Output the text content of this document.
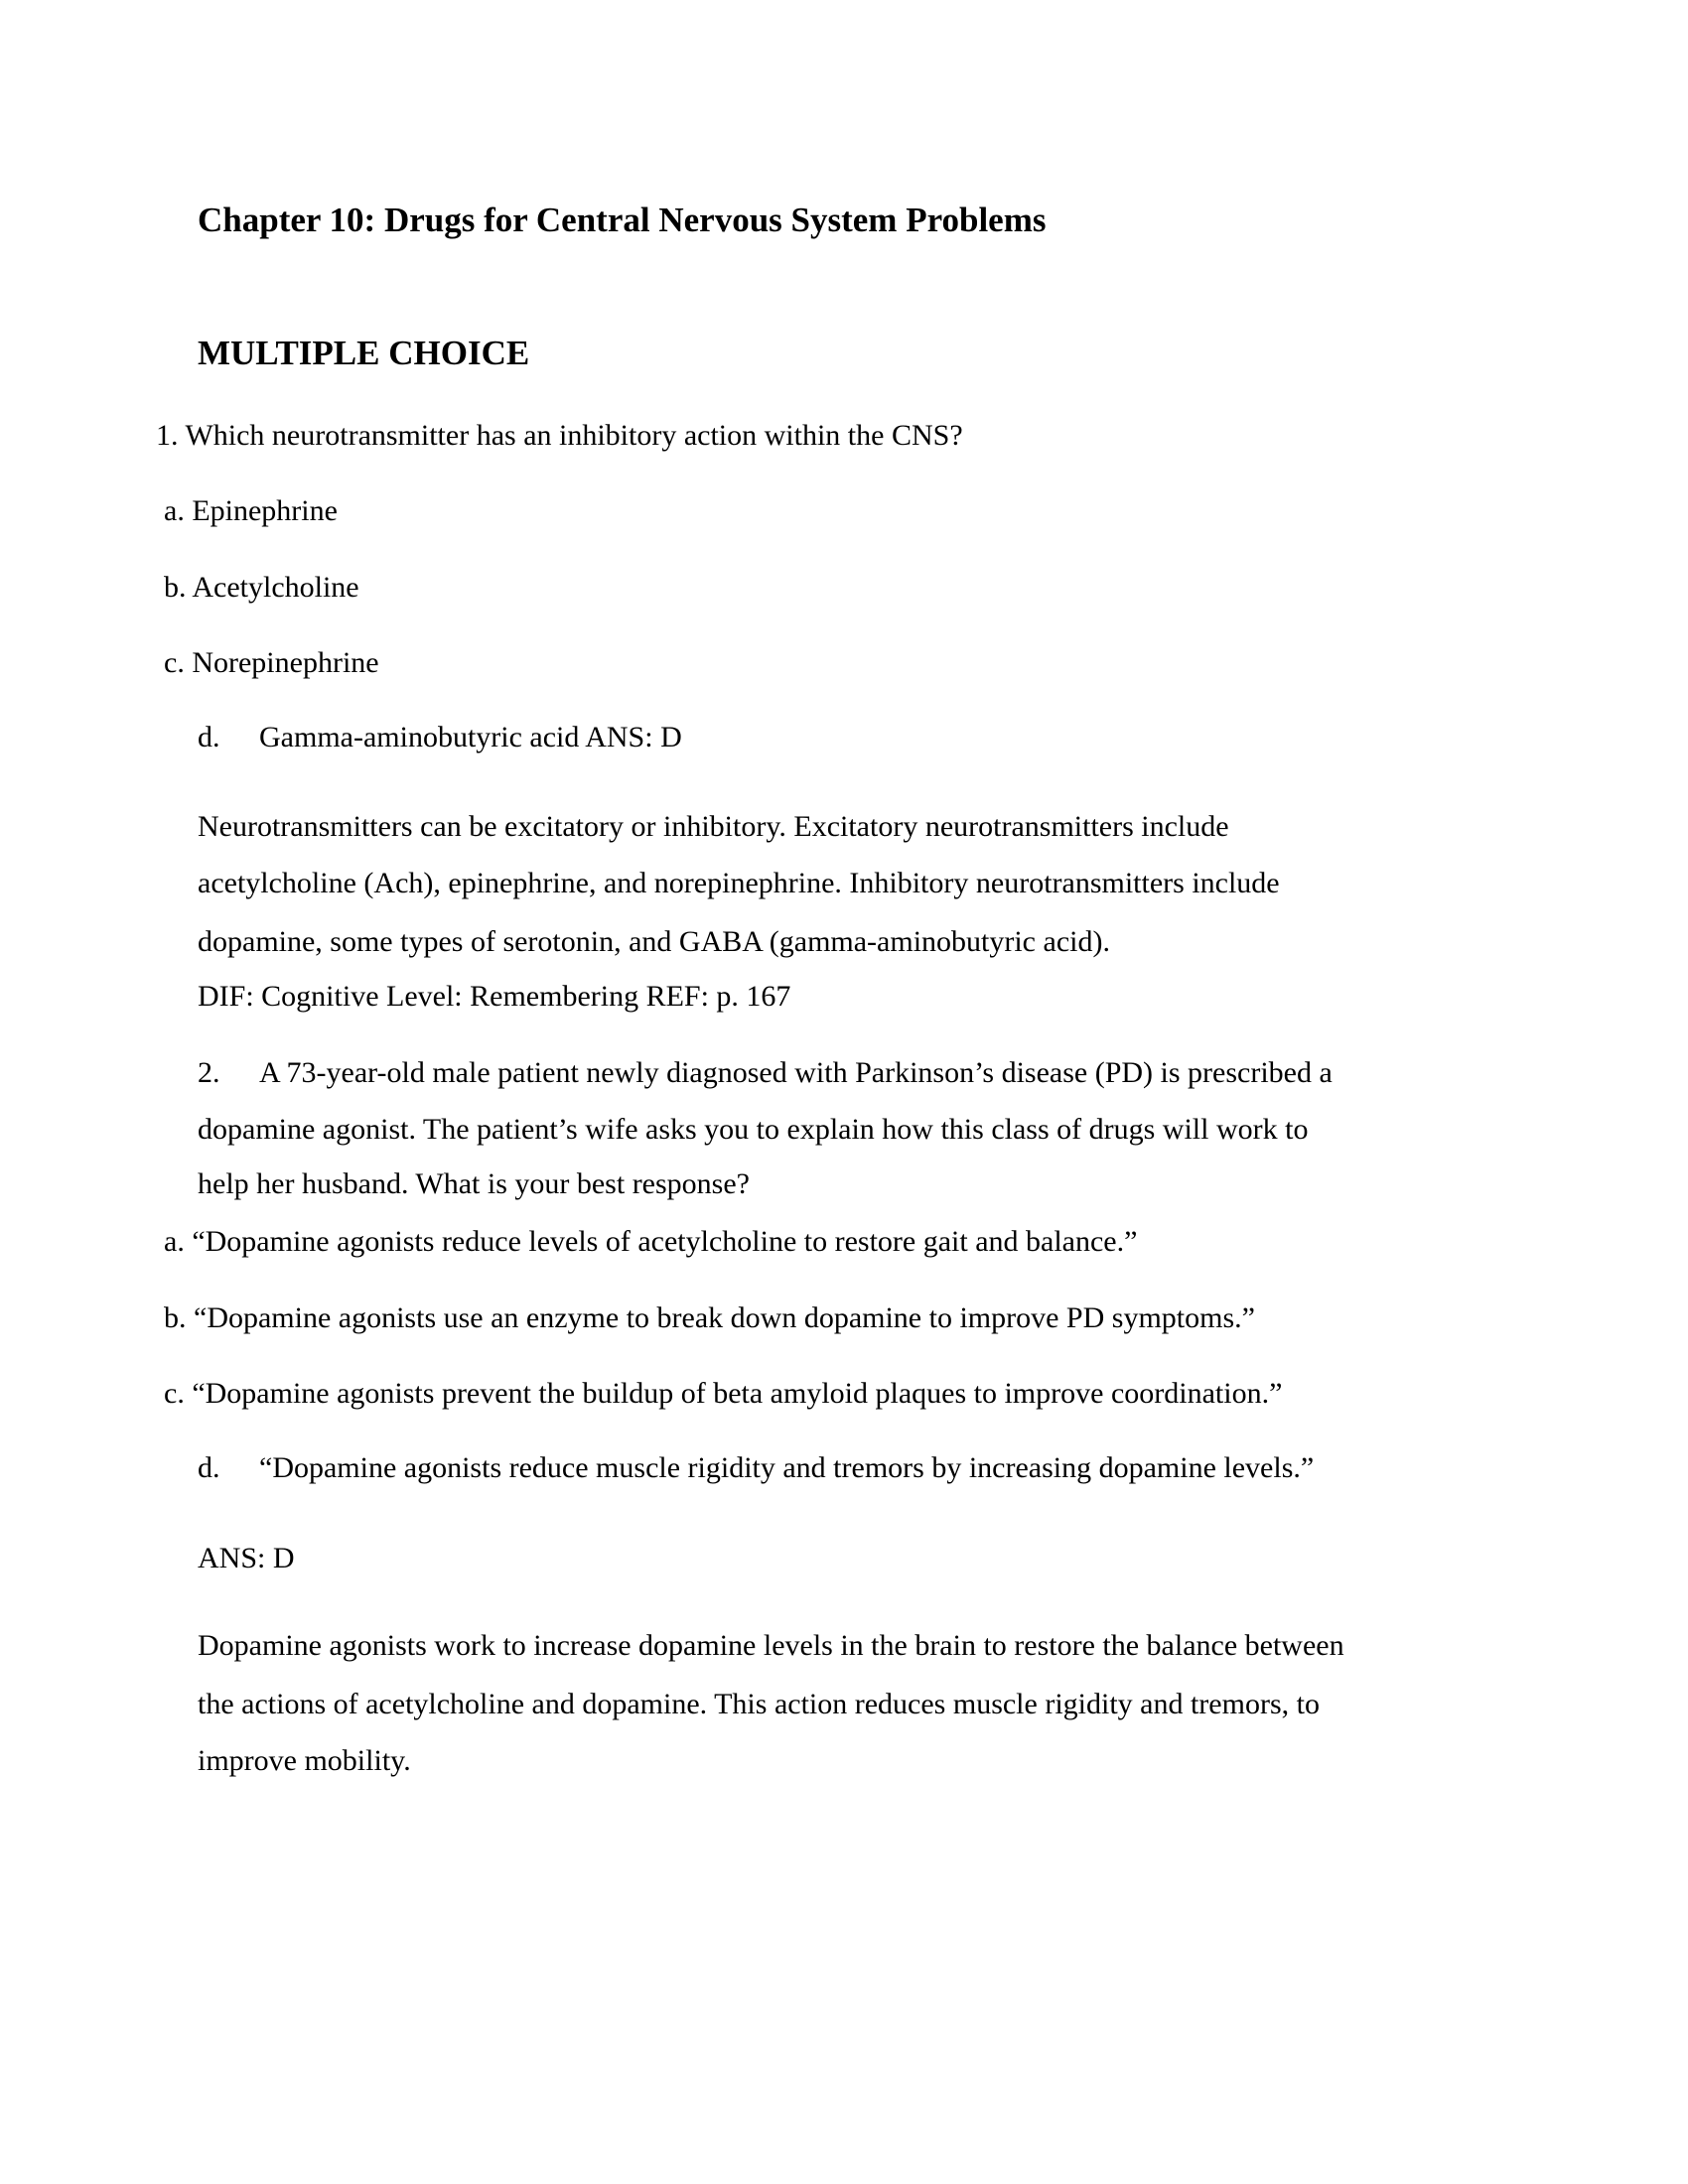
Chapter 10: Drugs for Central Nervous System Problems
MULTIPLE CHOICE
1. Which neurotransmitter has an inhibitory action within the CNS?
a. Epinephrine
b. Acetylcholine
c. Norepinephrine
d. Gamma-aminobutyric acid ANS: D
Neurotransmitters can be excitatory or inhibitory. Excitatory neurotransmitters include
acetylcholine (Ach), epinephrine, and norepinephrine. Inhibitory neurotransmitters include
dopamine, some types of serotonin, and GABA (gamma-aminobutyric acid).
DIF: Cognitive Level: Remembering REF: p. 167
2. A 73-year-old male patient newly diagnosed with Parkinson’s disease (PD) is prescribed a
dopamine agonist. The patient’s wife asks you to explain how this class of drugs will work to
help her husband. What is your best response?
a. “Dopamine agonists reduce levels of acetylcholine to restore gait and balance.”
b. “Dopamine agonists use an enzyme to break down dopamine to improve PD symptoms.”
c. “Dopamine agonists prevent the buildup of beta amyloid plaques to improve coordination.”
d. “Dopamine agonists reduce muscle rigidity and tremors by increasing dopamine levels.”
ANS: D
Dopamine agonists work to increase dopamine levels in the brain to restore the balance between
the actions of acetylcholine and dopamine. This action reduces muscle rigidity and tremors, to
improve mobility.
